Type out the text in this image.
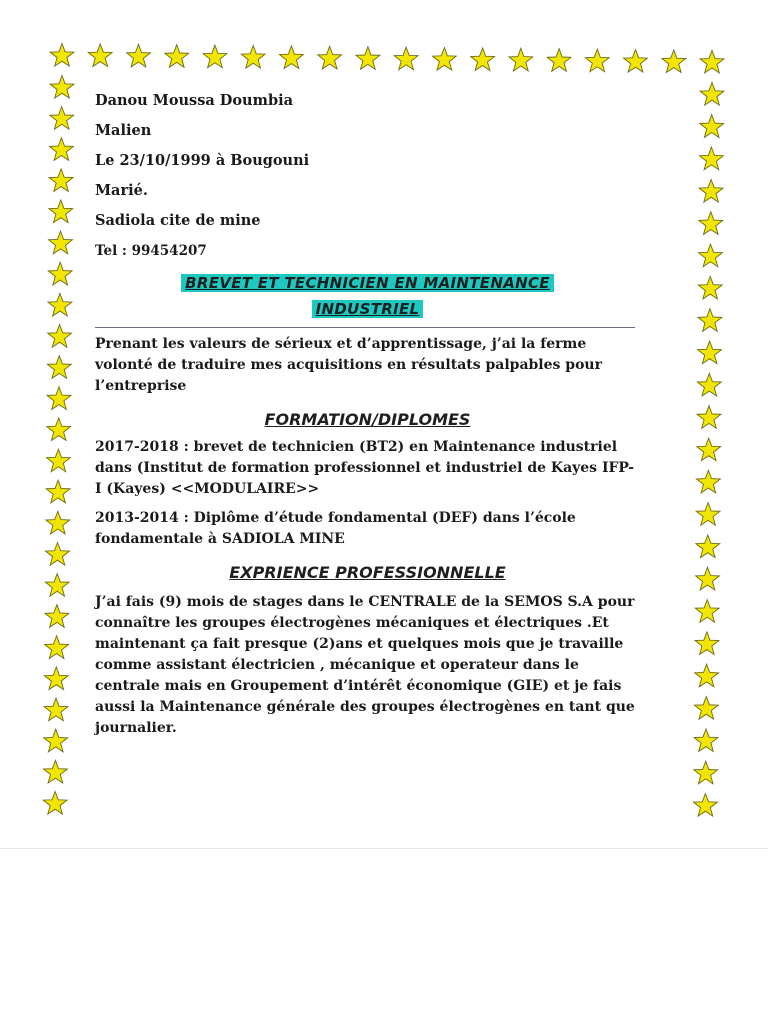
Danou Moussa Doumbia
Malien
Le 23/10/1999 à Bougouni
Marié.
Sadiola cite de mine
Tel : 99454207
BREVET ET TECHNICIEN EN MAINTENANCE
INDUSTRIEL
Prenant les valeurs de sérieux et d’apprentissage, j’ai la ferme volonté de traduire mes acquisitions en résultats palpables pour l’entreprise
FORMATION/DIPLOMES
2017-2018 : brevet de technicien (BT2) en Maintenance industriel dans (Institut de formation professionnel et industriel de Kayes IFP-I (Kayes) <<MODULAIRE>>
2013-2014 : Diplôme d’étude fondamental (DEF) dans l’école fondamentale à SADIOLA MINE
EXPRIENCE PROFESSIONNELLE
J’ai fais (9) mois de stages dans le CENTRALE de la SEMOS S.A pour connaître les groupes électrogènes mécaniques et électriques .Et maintenant ça fait presque (2)ans et quelques mois que je travaille comme assistant électricien , mécanique et operateur dans le centrale mais en Groupement d’intérêt économique (GIE) et je fais aussi la Maintenance générale des groupes électrogènes en tant que journalier.
